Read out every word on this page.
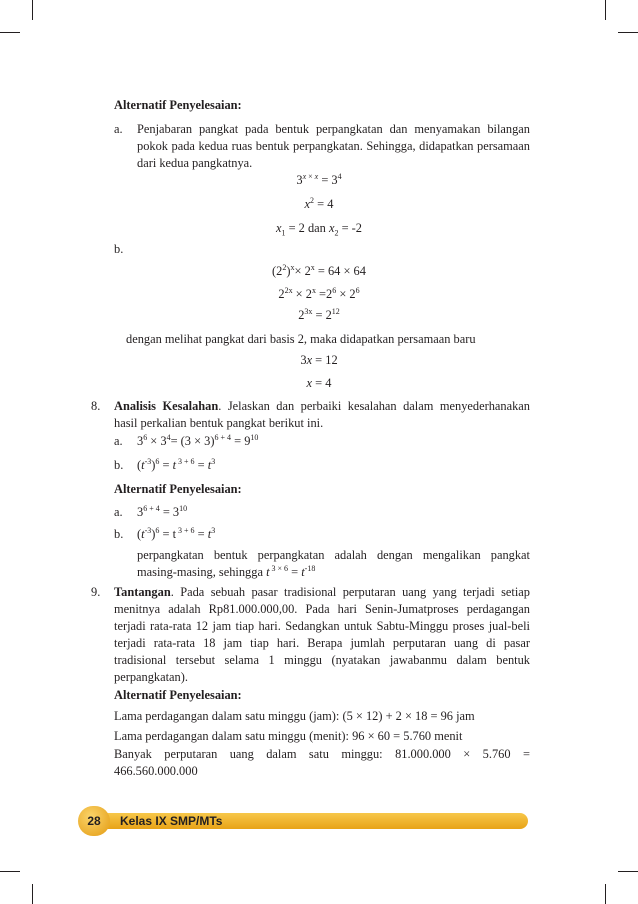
Alternatif Penyelesaian:
a. Penjabaran pangkat pada bentuk perpangkatan dan menyamakan bilangan pokok pada kedua ruas bentuk perpangkatan. Sehingga, didapatkan persamaan dari kedua pangkatnya.
$3^{x \times x} = 3^4$
$x^2 = 4$
$x_1 = 2$ dan $x_2 = -2$
b.
$(2^2)^x\times 2^x = 64 \times 64$
$2^{2x} \times 2^x =2^6 \times 2^6$
$2^{3x} = 2^{12}$
dengan melihat pangkat dari basis 2, maka didapatkan persamaan baru
3x = 12
x = 4
8. Analisis Kesalahan. Jelaskan dan perbaiki kesalahan dalam menyederhanakan hasil perkalian bentuk pangkat berikut ini.
a. $3^6 \times 3^4= (3 \times 3)^{6 + 4} = 9^{10}$
b. $(t^{-3})^6 = t$ $^{3 + 6} = t^3$
Alternatif Penyelesaian:
a. $3^{6 + 4} = 3^{10}$
b. $(t^{-3})^6 = t$ $^{3 + 6} = t^3$
perpangkatan bentuk perpangkatan adalah dengan mengalikan pangkat
masing-masing, sehingga t $^{3 \times 6} = t^{-18}$
9. Tantangan. Pada sebuah pasar tradisional perputaran uang yang terjadi setiap menitnya adalah Rp81.000.000,00. Pada hari Senin-Jumatproses perdagangan terjadi rata-rata 12 jam tiap hari. Sedangkan untuk Sabtu-Minggu proses jual-beli terjadi rata-rata 18 jam tiap hari. Berapa jumlah perputaran uang di pasar tradisional tersebut selama 1 minggu (nyatakan jawabanmu dalam bentuk perpangkatan).
Alternatif Penyelesaian:
Lama perdagangan dalam satu minggu (jam): (5 × 12) + 2 × 18 = 96 jam
Lama perdagangan dalam satu minggu (menit): 96 × 60 = 5.760 menit
Banyak perputaran uang dalam satu minggu: 81.000.000 × 5.760 = 466.560.000.000
28	Kelas IX SMP/MTs
